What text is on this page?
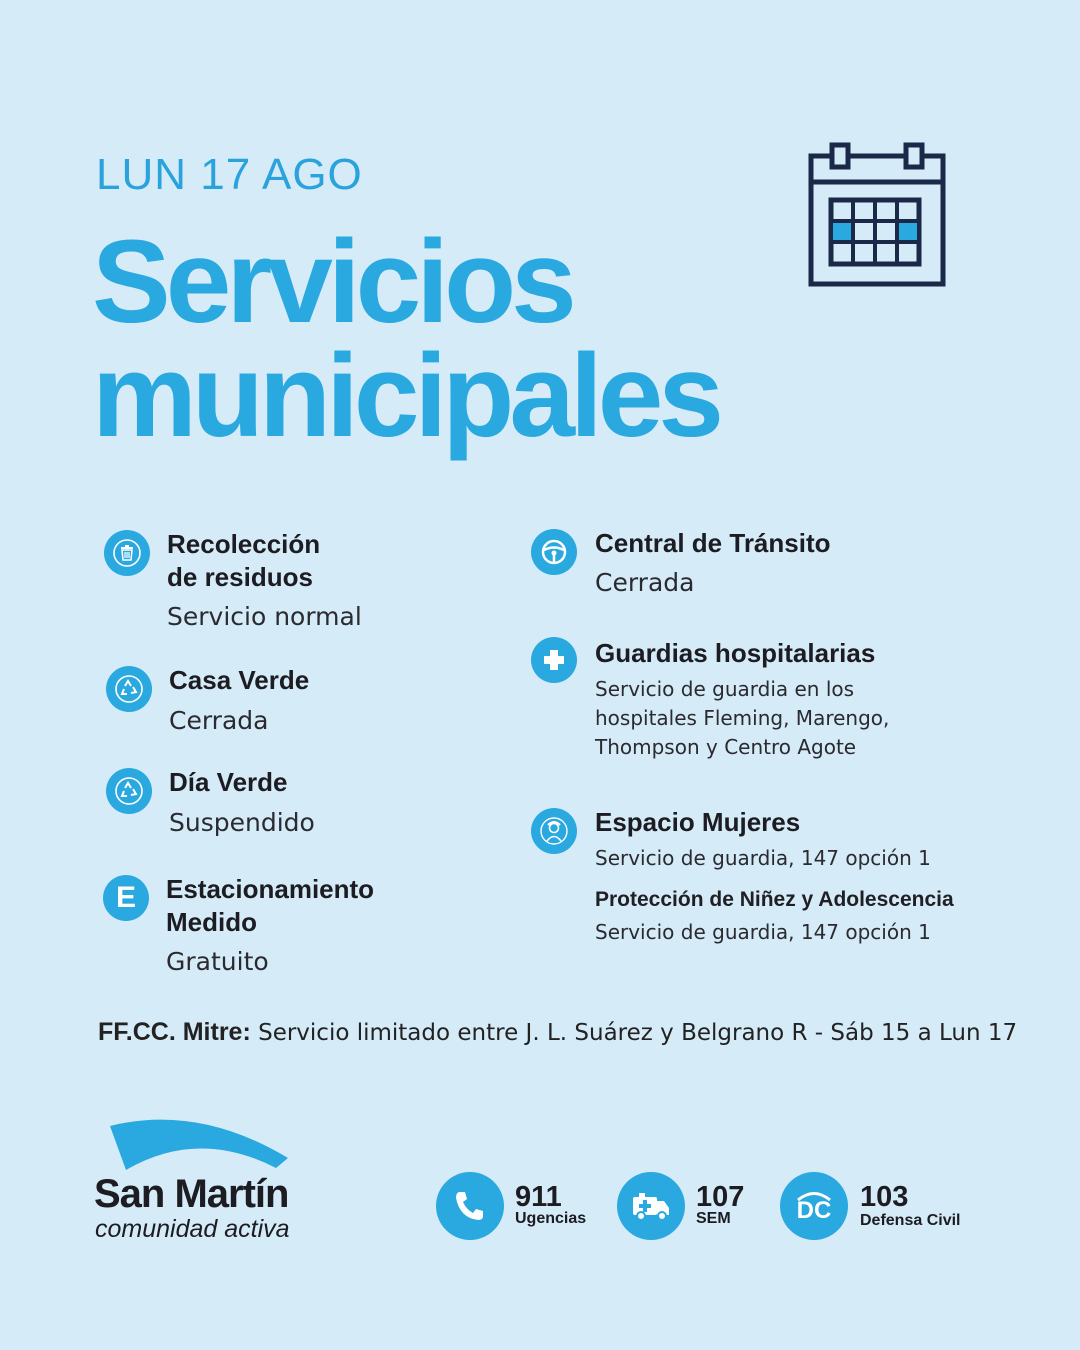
LUN 17 AGO
Servicios
municipales
Recolección
de residuos
Servicio normal
Casa Verde
Cerrada
Día Verde
Suspendido
E Estacionamiento
Medido
Gratuito
Central de Tránsito
Cerrada
Guardias hospitalarias
Servicio de guardia en los
hospitales Fleming, Marengo,
Thompson y Centro Agote
Espacio Mujeres
Servicio de guardia, 147 opción 1
Protección de Niñez y Adolescencia
Servicio de guardia, 147 opción 1
FF.CC. Mitre: Servicio limitado entre J. L. Suárez y Belgrano R - Sáb 15 a Lun 17
San Martín
comunidad activa
911
Ugencias
107
SEM	DC 103
Defensa Civil
